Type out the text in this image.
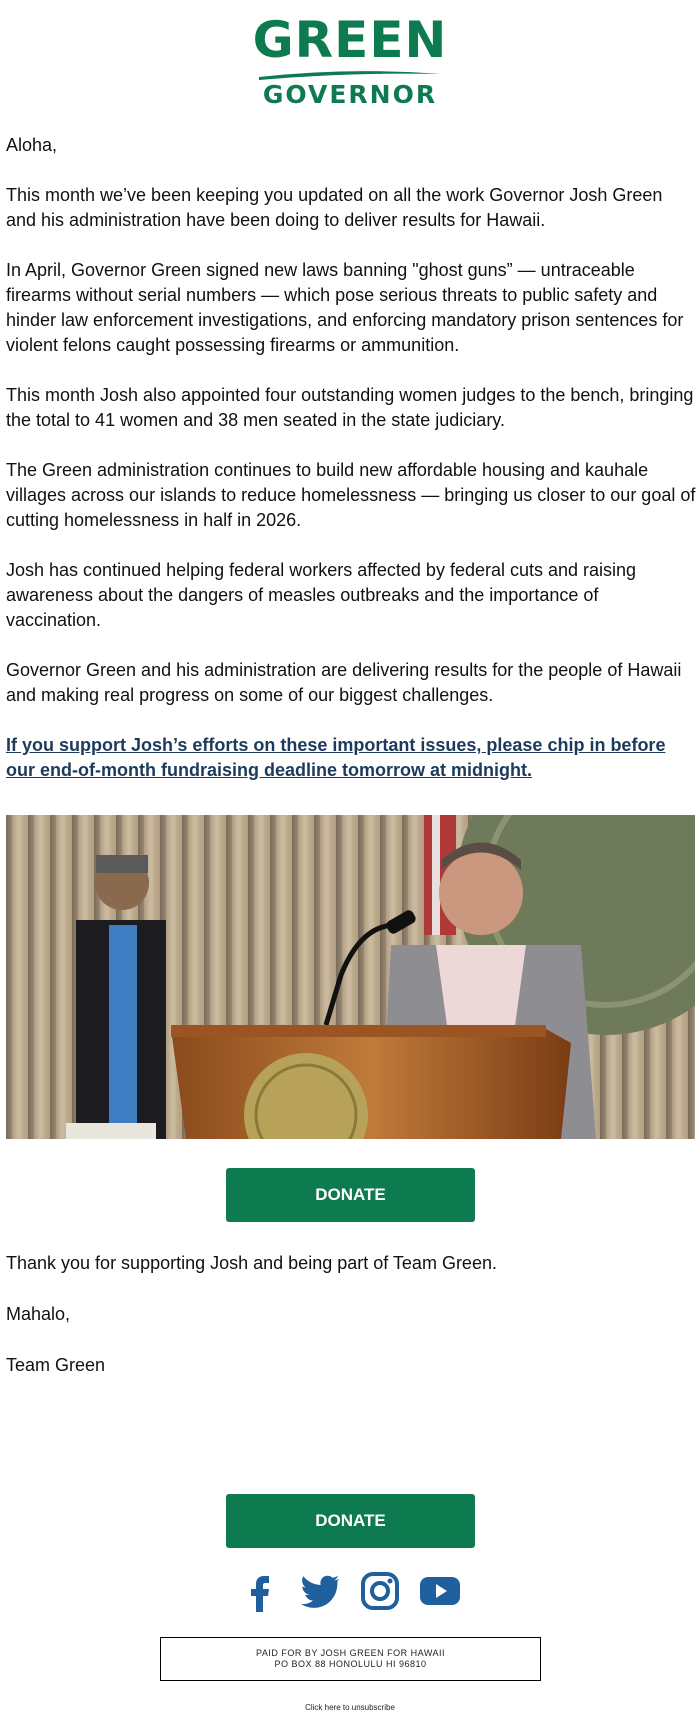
GREEN
GOVERNOR

Aloha,

This month we’ve been keeping you updated on all the work Governor Josh Green and his administration have been doing to deliver results for Hawaii.

In April, Governor Green signed new laws banning "ghost guns” — untraceable firearms without serial numbers — which pose serious threats to public safety and hinder law enforcement investigations, and enforcing mandatory prison sentences for violent felons caught possessing firearms or ammunition.

This month Josh also appointed four outstanding women judges to the bench, bringing the total to 41 women and 38 men seated in the state judiciary.

The Green administration continues to build new affordable housing and kauhale villages across our islands to reduce homelessness — bringing us closer to our goal of cutting homelessness in half in 2026.

Josh has continued helping federal workers affected by federal cuts and raising awareness about the dangers of measles outbreaks and the importance of vaccination.

Governor Green and his administration are delivering results for the people of Hawaii and making real progress on some of our biggest challenges.

If you support Josh’s efforts on these important issues, please chip in before our end-of-month fundraising deadline tomorrow at midnight.

DONATE

Thank you for supporting Josh and being part of Team Green.

Mahalo,

Team Green

DONATE
PAID FOR BY JOSH GREEN FOR HAWAII
PO BOX 88 HONOLULU HI 96810
Click here to unsubscribe
